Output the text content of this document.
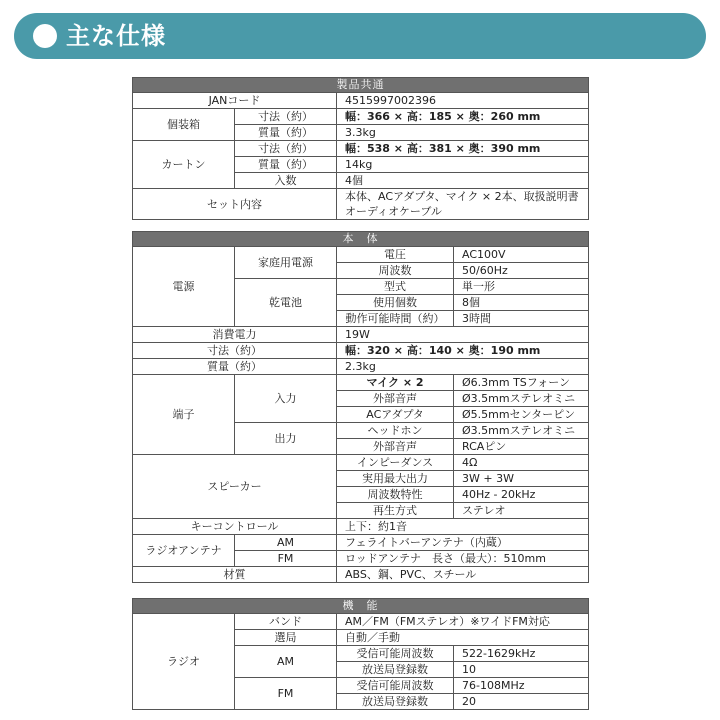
主な仕様
製品共通		
JANコード		4515997002396
個装箱	寸法（約）	幅：366 × 高：185 × 奥：260 mm
	質量（約）	3.3kg
カートン	寸法（約）	幅：538 × 高：381 × 奥：390 mm
	質量（約）	14kg
	入数	4個
セット内容		本体、ACアダプタ、マイク × 2本、取扱説明書
オーディオケーブル
本　体			
電源	家庭用電源	電圧	AC100V
		周波数	50/60Hz
	乾電池	型式	単一形
		使用個数	8個
		動作可能時間（約）	3時間
消費電力		19W	
寸法（約）		幅：320 × 高：140 × 奥：190 mm	
質量（約）		2.3kg	
端子	入力	マイク × 2	Ø6.3mm TSフォーン
		外部音声	Ø3.5mmステレオミニ
		ACアダプタ	Ø5.5mmセンターピン
	出力	ヘッドホン	Ø3.5mmステレオミニ
		外部音声	RCAピン
スピーカー		インピーダンス	4Ω
		実用最大出力	3W + 3W
		周波数特性	40Hz - 20kHz
		再生方式	ステレオ
キーコントロール		上下：約1音	
ラジオアンテナ	AM	フェライトバーアンテナ（内蔵）	
	FM	ロッドアンテナ　長さ（最大）：510mm	
材質		ABS、鋼、PVC、スチール	
機　能			
ラジオ	バンド	AM／FM（FMステレオ）※ワイドFM対応	
	選局	自動／手動	
	AM	受信可能周波数	522-1629kHz
		放送局登録数	10
	FM	受信可能周波数	76-108MHz
		放送局登録数	20
